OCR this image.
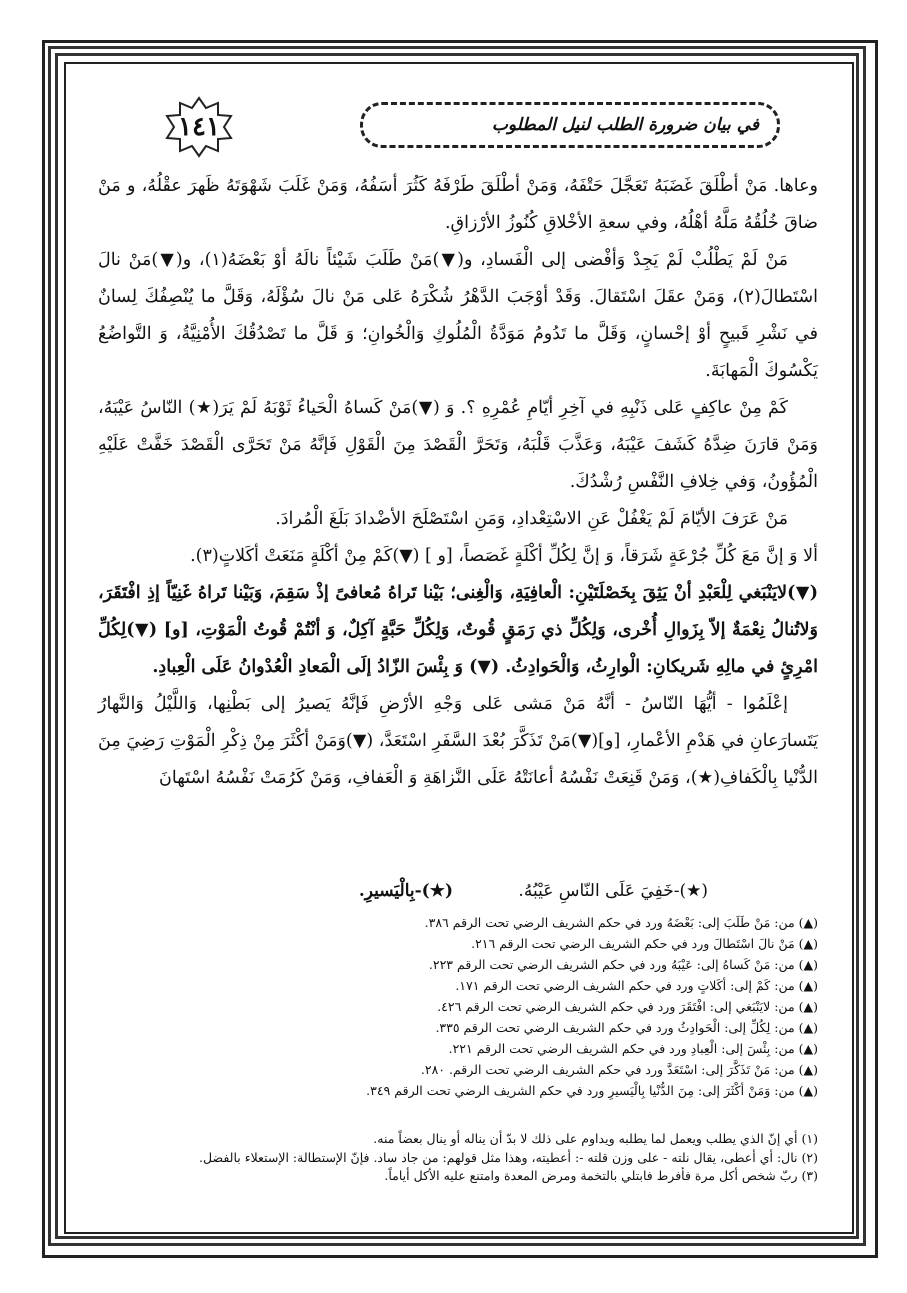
في بيان ضرورة الطلب لنيل المطلوب
١٤١

وعاها. مَنْ أطْلَقَ غَضَبَهُ تَعَجَّلَ حَتْفَهُ، وَمَنْ أطْلَقَ طَرْفَهُ كَثُرَ أسَفُهُ، وَمَنْ غَلَبَ شَهْوَتَهُ ظَهرَ عقْلُهُ، و مَنْ ضاقَ خُلُقُهُ مَلَّهُ أهْلُهُ، وفي سعةِ الأخْلاقِ كُنُوزُ الأرْزاقِ.

مَنْ لَمْ يَطْلُبْ لَمْ يَجِدْ وَأفْضى إلى الْفَسادِ، و(▼)مَنْ طَلَبَ شَيْئاً نالَهُ أوْ بَعْضَهُ(١)، و(▼)مَنْ نالَ اسْتَطالَ(٢)، وَمَنْ عقَلَ اسْتَقالَ. وَقَدْ أوْجَبَ الدَّهْرُ شُكْرَهُ عَلى مَنْ نالَ سُؤْلَهُ، وَقَلَّ ما يُنْصِفُكَ لِسانٌ في نَشْرِ قَبيحٍ أوْ إحْسانٍ، وَقَلَّ ما تَدُومُ مَوَدَّةُ الْمُلُوكِ وَالْخُوانِ؛ وَ قَلَّ ما تَصْدُقُكَ الأُمْنِيَّةُ، وَ التَّواضُعُ يَكْسُوكَ الْمَهابَةَ.

كَمْ مِنْ عاكِفٍ عَلى ذَنْبِهِ في آخِرِ أيّامِ عُمْرِهِ ؟. وَ (▼)مَنْ كَساهُ الْحَياءُ ثَوْبَهُ لَمْ يَرَ(★) النّاسُ عَيْبَهُ، وَمَنْ قارَنَ ضِدَّهُ كَشَفَ عَيْبَهُ، وَعَذَّبَ قَلْبَهُ، وَتَحَرَّ الْقَصْدَ مِنَ الْقَوْلِ فَإنَّهُ مَنْ تَحَرَّى الْقَصْدَ خَفَّتْ عَلَيْهِ الْمُؤُونُ، وَفي خِلافِ النَّفْسِ رُشْدُكَ.

مَنْ عَرَفَ الأيّامَ لَمْ يَغْفُلْ عَنِ الاسْتِعْدادِ، وَمَنِ اسْتَصْلَحَ الأضْدادَ بَلَغَ الْمُرادَ.

ألا وَ إنَّ مَعَ كُلِّ جُرْعَةٍ شَرَقاً، وَ إنَّ لِكُلِّ أكْلَةٍ غَصَصاً، [و ] (▼)كَمْ مِنْ أكْلَةٍ مَنَعَتْ أكَلاتٍ(٣).

(▼)لايَنْبَغي لِلْعَبْدِ أنْ يَثِقَ بِخَصْلَتَيْنِ: الْعافِيَةِ، وَالْغِنى؛ بَيْنا تَراهُ مُعافىً إذْ سَقِمَ، وَبَيْنا تَراهُ غَنِيّاً إذِ افْتَقَرَ، وَلاتُنالُ نِعْمَةٌ إلاّ بِزَوالِ أُخْرى، وَلِكُلِّ ذي رَمَقٍ قُوتٌ، وَلِكُلِّ حَبَّةٍ آكِلٌ، وَ أنْتُمْ قُوتُ الْمَوْتِ، [و] (▼)لِكُلِّ امْرِئٍ في مالِهِ شَريكانِ: الْوارِثُ، وَالْحَوادِثُ. (▼) وَ بِئْسَ الزّادُ إلَى الْمَعادِ الْعُدْوانُ عَلَى الْعِبادِ.

إعْلَمُوا - أيُّهَا النّاسُ - أنَّهُ مَنْ مَشى عَلى وَجْهِ الأرْضِ فَإنَّهُ يَصيرُ إلى بَطْنِها، وَاللَّيْلُ وَالنَّهارُ يَتَسارَعانِ في هَدْمِ الأعْمارِ، [و](▼)مَنْ تَذَكَّرَ بُعْدَ السَّفَرِ اسْتَعَدَّ، (▼)وَمَنْ أكْثَرَ مِنْ ذِكْرِ الْمَوْتِ رَضِيَ مِنَ الدُّنْيا بِالْكَفافِ(★)، وَمَنْ قَنِعَتْ نَفْسُهُ أعانَتْهُ عَلَى النَّزاهَةِ وَ الْعَفافِ، وَمَنْ كَرُمَتْ نَفْسُهُ اسْتَهانَ

(★)-خَفِيَ عَلَى النّاسِ عَيْبُهُ. (★)-بِالْيَسيرِ.
(▲) من: مَنْ طَلَبَ إلى: بَعْضَهُ ورد في حكم الشريف الرضي تحت الرقم ٣٨٦.
(▲) مَنْ نالَ اسْتَطالَ ورد في حكم الشريف الرضي تحت الرقم ٢١٦.
(▲) من: مَنْ كَساهُ إلى: عَيْبَهُ ورد في حكم الشريف الرضي تحت الرقم ٢٢٣.
(▲) من: كَمْ إلى: أكَلاتٍ ورد في حكم الشريف الرضي تحت الرقم ١٧١.
(▲) من: لايَنْبَغي إلى: افْتَقَرَ ورد في حكم الشريف الرضي تحت الرقم ٤٢٦.
(▲) من: لِكُلِّ إلى: الْحَوادِثُ ورد في حكم الشريف الرضي تحت الرقم ٣٣٥.
(▲) من: بِئْسَ إلى: الْعِبادِ ورد في حكم الشريف الرضي تحت الرقم ٢٢١.
(▲) من: مَنْ تَذَكَّرَ إلى: اسْتَعَدَّ ورد في حكم الشريف الرضي تحت الرقم. ٢٨٠.
(▲) من: وَمَنْ أكْثَرَ إلى: مِنَ الدُّنْيا بِالْيَسيرِ ورد في حكم الشريف الرضي تحت الرقم ٣٤٩.
(١) أي إنّ الذي يطلب ويعمل لما يطلبه ويداوم على ذلك لا بدّ أن يناله أو ينال بعضاً منه.
(٢) نال: أي أعطى، يقال نلته - على وزن قلته -: أعطيته، وهذا مثل قولهم: من جاد ساد. فإنّ الإستطالة: الإستعلاء بالفضل.
(٣) ربّ شخص أكل مرة فأفرط فابتلي بالتخمة ومرض المعدة وامتنع عليه الأكل أياماً.
